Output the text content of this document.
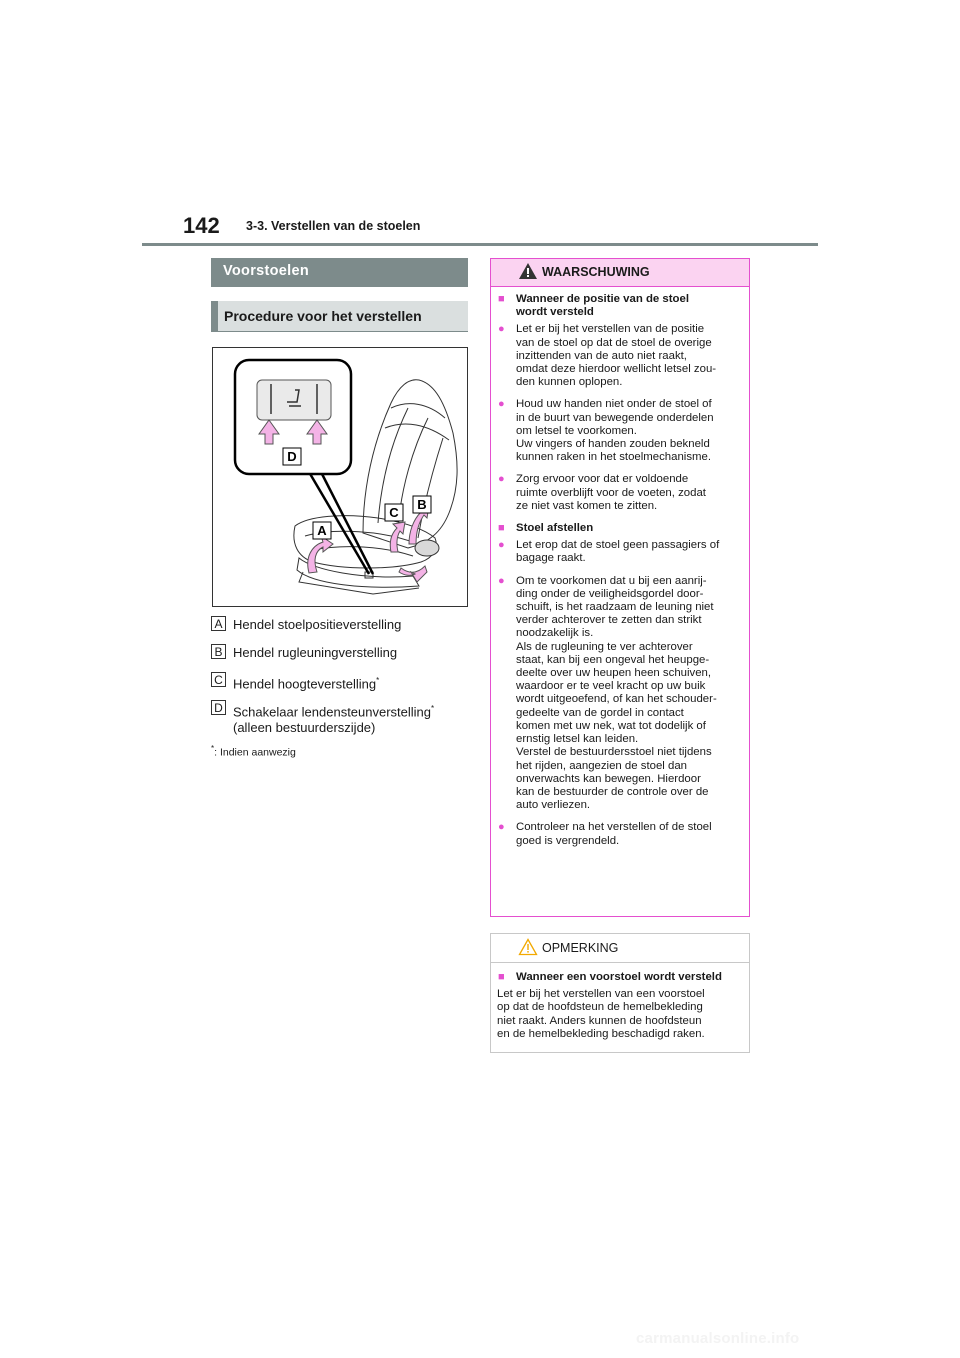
142 3-3. Verstellen van de stoelen
Voorstoelen
Procedure voor het verstellen
D
A
C
B
A Hendel stoelpositieverstelling
B Hendel rugleuningverstelling
C Hendel hoogteverstelling*
D Schakelaar lendensteunverstelling*
(alleen bestuurderszijde)
*: Indien aanwezig
WAARSCHUWING
■ Wanneer de positie van de stoel
wordt versteld
● Let er bij het verstellen van de positie
van de stoel op dat de stoel de overige
inzittenden van de auto niet raakt,
omdat deze hierdoor wellicht letsel zou-
den kunnen oplopen.
● Houd uw handen niet onder de stoel of
in de buurt van bewegende onderdelen
om letsel te voorkomen.
Uw vingers of handen zouden bekneld
kunnen raken in het stoelmechanisme.
● Zorg ervoor voor dat er voldoende
ruimte overblijft voor de voeten, zodat
ze niet vast komen te zitten.
■ Stoel afstellen
● Let erop dat de stoel geen passagiers of
bagage raakt.
● Om te voorkomen dat u bij een aanrij-
ding onder de veiligheidsgordel door-
schuift, is het raadzaam de leuning niet
verder achterover te zetten dan strikt
noodzakelijk is.
Als de rugleuning te ver achterover
staat, kan bij een ongeval het heupge-
deelte over uw heupen heen schuiven,
waardoor er te veel kracht op uw buik
wordt uitgeoefend, of kan het schouder-
gedeelte van de gordel in contact
komen met uw nek, wat tot dodelijk of
ernstig letsel kan leiden.
Verstel de bestuurdersstoel niet tijdens
het rijden, aangezien de stoel dan
onverwachts kan bewegen. Hierdoor
kan de bestuurder de controle over de
auto verliezen.
● Controleer na het verstellen of de stoel
goed is vergrendeld.
OPMERKING
■ Wanneer een voorstoel wordt versteld
Let er bij het verstellen van een voorstoel
op dat de hoofdsteun de hemelbekleding
niet raakt. Anders kunnen de hoofdsteun
en de hemelbekleding beschadigd raken.
carmanualsonline.info
